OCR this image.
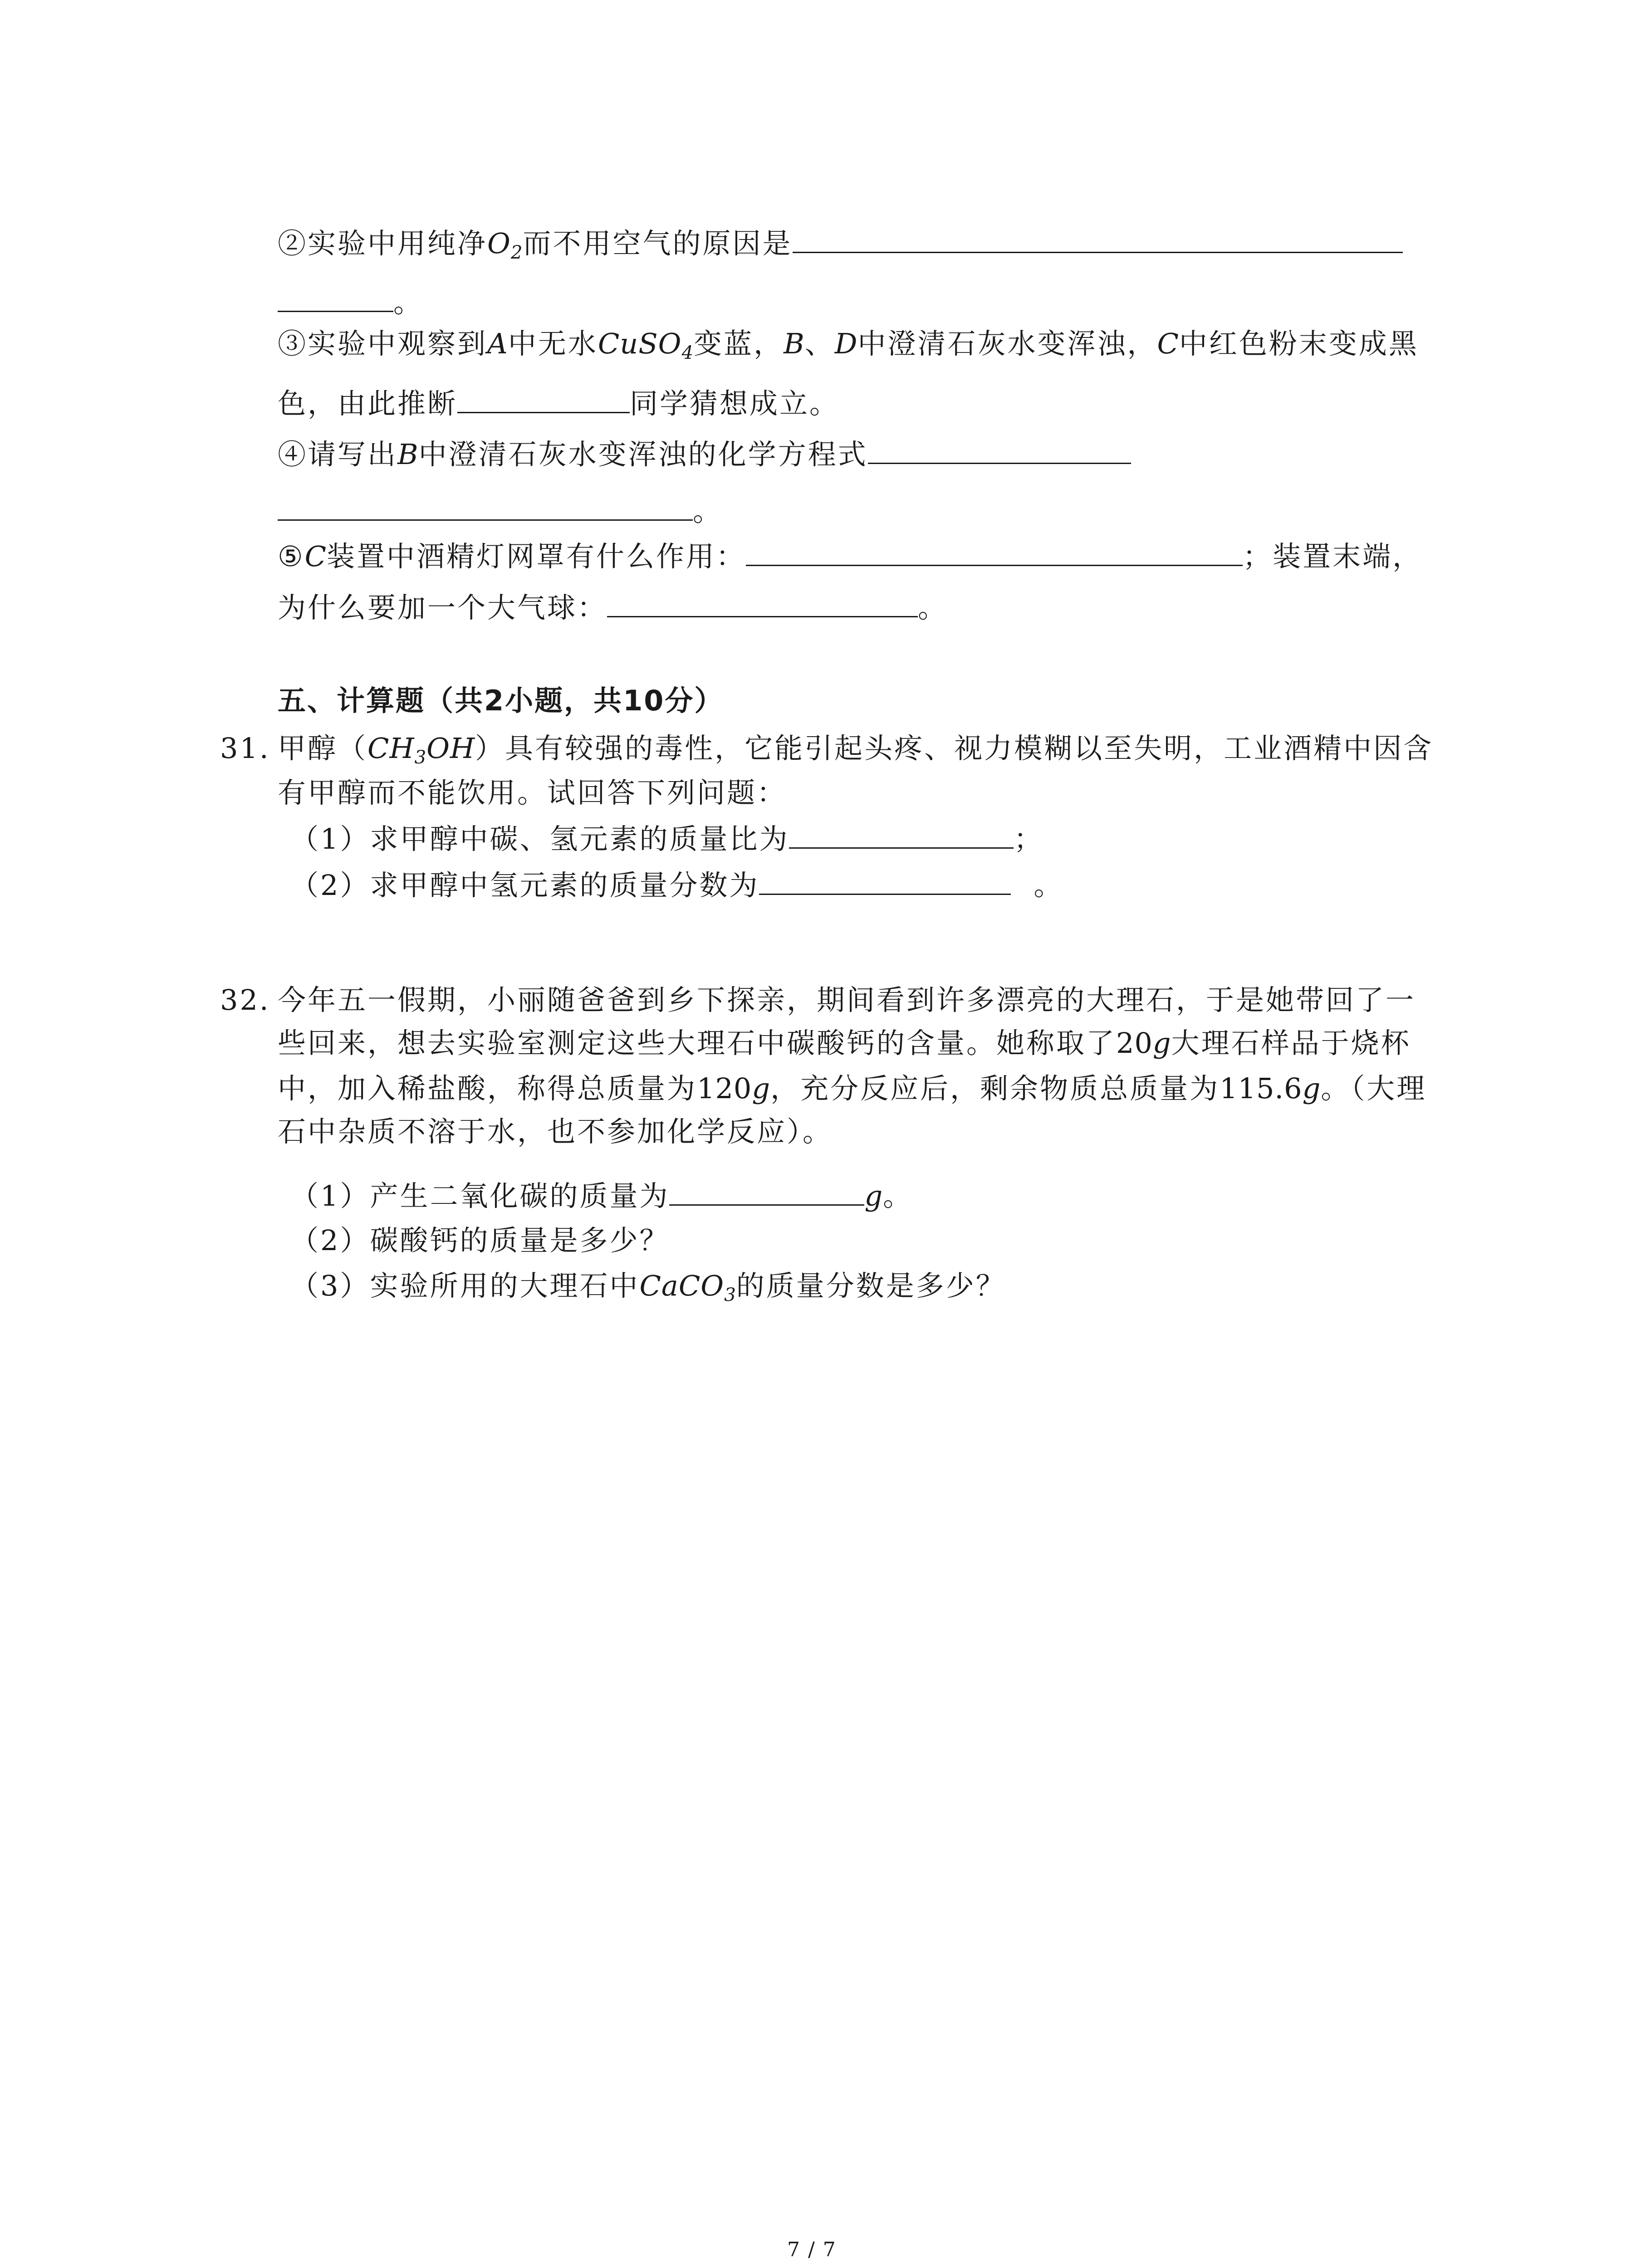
②实验中用纯净$O_2$而不用空气的原因是
。
③实验中观察到A中无水CuSO$_4$变蓝，B、D中澄清石灰水变浑浊，C中红色粉末变成黑
色，由此推断	同学猜想成立。
④请写出B中澄清石灰水变浑浊的化学方程式
。
⑤C装置中酒精灯网罩有什么作用：	；装置末端，
为什么要加一个大气球：	。
五、计算题（共2小题，共10分）
31. 甲醇$(CH_3OH)$具有较强的毒性，它能引起头疼、视力模糊以至失明，工业酒精中因含
有甲醇而不能饮用。试回答下列问题：
（1）求甲醇中碳、氢元素的质量比为	；
（2）求甲醇中氢元素的质量分数为	。
32. 今年五一假期，小丽随爸爸到乡下探亲，期间看到许多漂亮的大理石，于是她带回了一
些回来，想去实验室测定这些大理石中碳酸钙的含量。她称取了20g大理石样品于烧杯
中，加入稀盐酸，称得总质量为120g，充分反应后，剩余物质总质量为115.6g。（大理
石中杂质不溶于水，也不参加化学反应）。
（1）产生二氧化碳的质量为	g。
（2）碳酸钙的质量是多少？
（3）实验所用的大理石中CaCO$_3$的质量分数是多少？
7 / 7
